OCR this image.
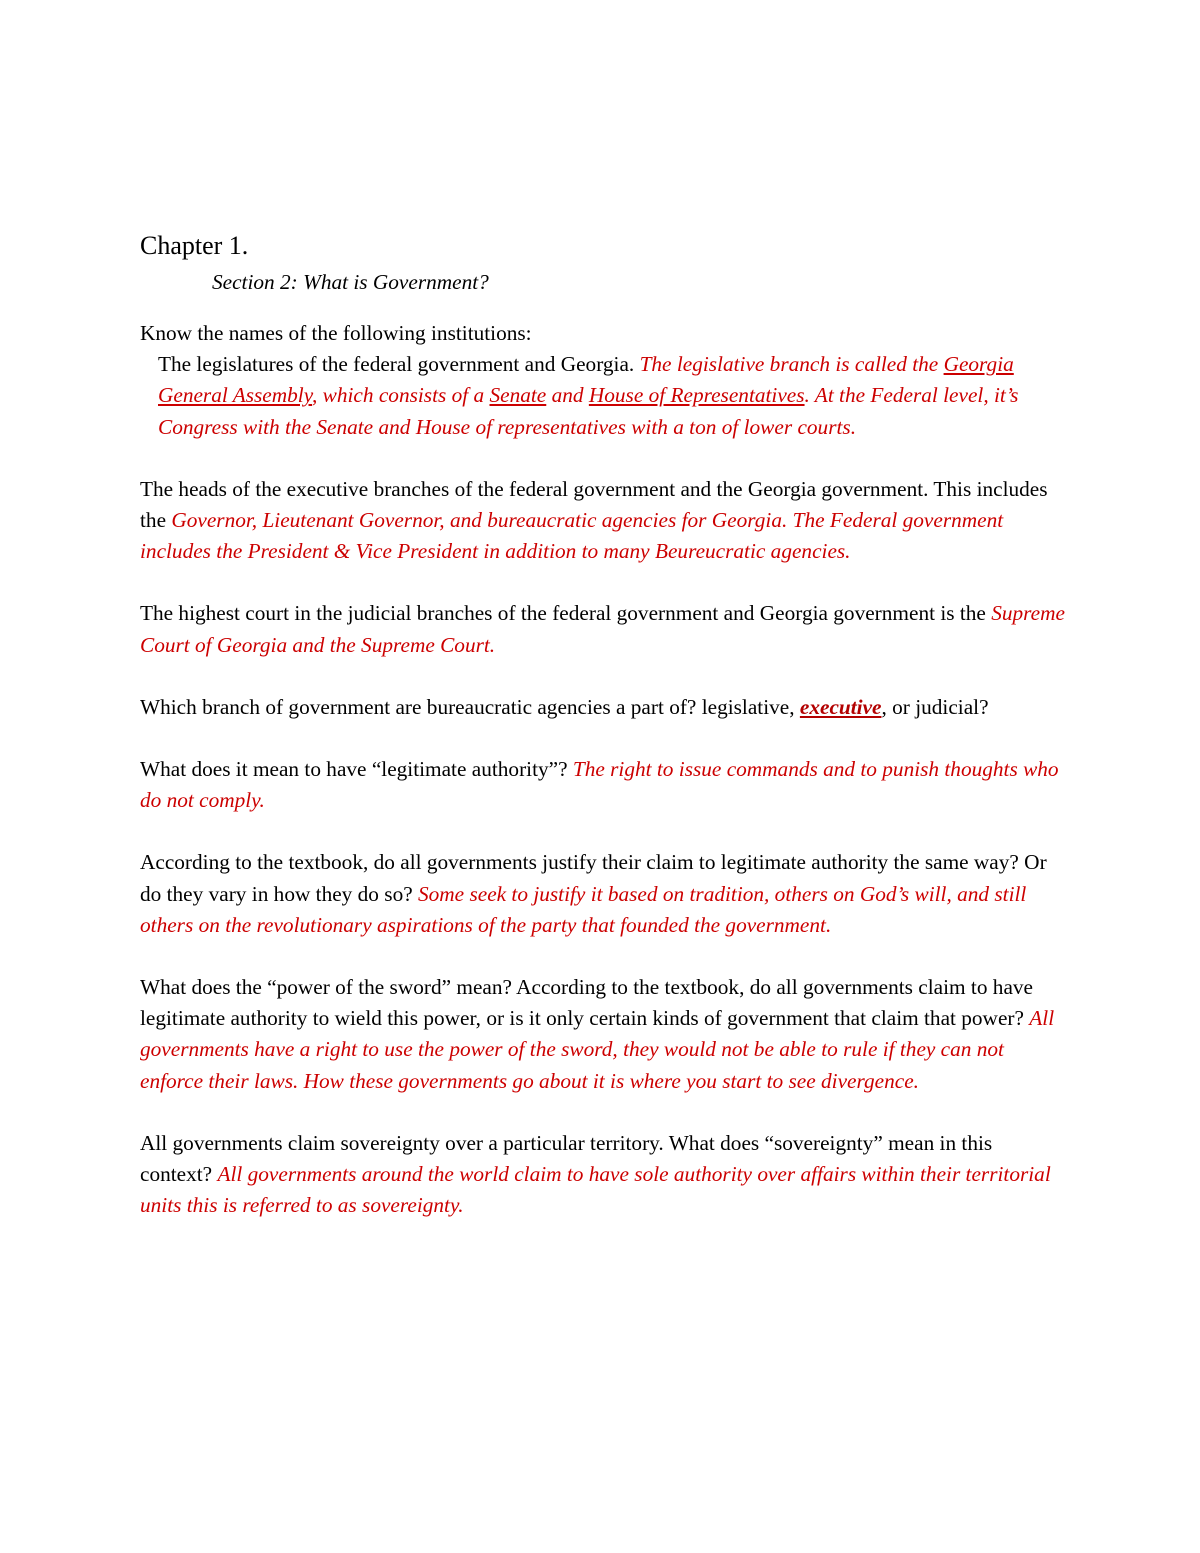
Chapter 1.
Section 2: What is Government?

Know the names of the following institutions:

The legislatures of the federal government and Georgia. The legislative branch is called the Georgia General Assembly, which consists of a Senate and House of Representatives. At the Federal level, it’s Congress with the Senate and House of representatives with a ton of lower courts.

The heads of the executive branches of the federal government and the Georgia government. This includes the Governor, Lieutenant Governor, and bureaucratic agencies for Georgia. The Federal government includes the President & Vice President in addition to many Beureucratic agencies.

The highest court in the judicial branches of the federal government and Georgia government is the Supreme Court of Georgia and the Supreme Court.

Which branch of government are bureaucratic agencies a part of? legislative, executive, or judicial?

What does it mean to have “legitimate authority”? The right to issue commands and to punish thoughts who do not comply.

According to the textbook, do all governments justify their claim to legitimate authority the same way? Or do they vary in how they do so? Some seek to justify it based on tradition, others on God’s will, and still others on the revolutionary aspirations of the party that founded the government.

What does the “power of the sword” mean? According to the textbook, do all governments claim to have legitimate authority to wield this power, or is it only certain kinds of government that claim that power? All governments have a right to use the power of the sword, they would not be able to rule if they can not enforce their laws. How these governments go about it is where you start to see divergence.

All governments claim sovereignty over a particular territory. What does “sovereignty” mean in this context? All governments around the world claim to have sole authority over affairs within their territorial units this is referred to as sovereignty.
